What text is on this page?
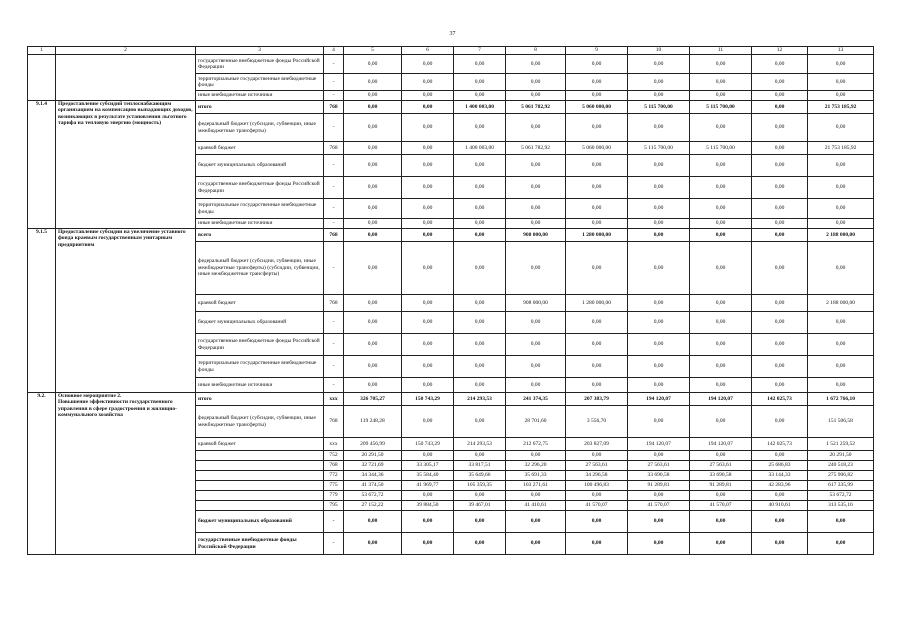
37
1	2	3	4	5	6	7	8	9	10	11	12	13
		государственные внебюджетные фонды Российской Федерации	-	0,00	0,00	0,00	0,00	0,00	0,00	0,00	0,00	0,00
		территориальные государственные внебюджетные фонды	-	0,00	0,00	0,00	0,00	0,00	0,00	0,00	0,00	0,00
		иные внебюджетные источники	-	0,00	0,00	0,00	0,00	0,00	0,00	0,00	0,00	0,00
9.1.4	Предоставление субсидий теплоснабжающим организациям на компенсацию выпадающих доходов, возникающих в результате установления льготного тарифа на тепловую энергию (мощность)	итого	768	0,00	0,00	1 400 003,00	5 061 782,92	5 060 000,00	5 115 700,00	5 115 700,00	0,00	21 753 185,92
		федеральный бюджет (субсидии, субвенции, иные межбюджетные трансферты)	-	0,00	0,00	0,00	0,00	0,00	0,00	0,00	0,00	0,00
		краевой бюджет	768	0,00	0,00	1 400 003,00	5 061 782,92	5 060 000,00	5 115 700,00	5 115 700,00	0,00	21 753 185,92
		бюджет муниципальных образований	-	0,00	0,00	0,00	0,00	0,00	0,00	0,00	0,00	0,00
		государственные внебюджетные фонды Российской Федерации	-	0,00	0,00	0,00	0,00	0,00	0,00	0,00	0,00	0,00
		территориальные государственные внебюджетные фонды	-	0,00	0,00	0,00	0,00	0,00	0,00	0,00	0,00	0,00
		иные внебюджетные источники	-	0,00	0,00	0,00	0,00	0,00	0,00	0,00	0,00	0,00
9.1.5	Предоставление субсидии на увеличение уставного фонда краевым государственным унитарным предприятиям	всего	768	0,00	0,00	0,00	908 000,00	1 280 000,00	0,00	0,00	0,00	2 188 000,00
		федеральный бюджет (субсидии, субвенции, иные межбюджетные трансферты) (субсидии, субвенции, иные межбюджетные трансферты)	-	0,00	0,00	0,00	0,00	0,00	0,00	0,00	0,00	0,00
		краевой бюджет	768	0,00	0,00	0,00	908 000,00	1 280 000,00	0,00	0,00	0,00	2 188 000,00
		бюджет муниципальных образований	-	0,00	0,00	0,00	0,00	0,00	0,00	0,00	0,00	0,00
		государственные внебюджетные фонды Российской Федерации	-	0,00	0,00	0,00	0,00	0,00	0,00	0,00	0,00	0,00
		территориальные государственные внебюджетные фонды	-	0,00	0,00	0,00	0,00	0,00	0,00	0,00	0,00	0,00
		иные внебюджетные источники	-	0,00	0,00	0,00	0,00	0,00	0,00	0,00	0,00	0,00
9.2.	Основное мероприятие 2.
Повышение эффективности государственного управления в сфере градостроения и жилищно-коммунального хозяйства	итого	ххх	326 705,27	150 743,29	214 293,53	241 374,35	207 383,79	194 120,07	194 120,07	142 025,73	1 672 766,10
		федеральный бюджет (субсидии, субвенции, иные межбюджетные трансферты)	768	119 248,28	0,00	0,00	28 701,60	3 556,70	0,00	0,00	0,00	151 506,58
		краевой бюджет	ххх	209 456,99	150 743,29	214 293,53	212 672,75	203 827,09	194 120,07	194 120,07	142 025,73	1 521 259,52
			752	20 291,50	0,00	0,00	0,00	0,00	0,00	0,00	0,00	20 291,50
			768	32 721,69	33 305,17	33 817,51	32 296,20	27 563,61	27 563,61	27 563,61	25 686,83	240 518,23
			772	34 344,36	35 584,40	35 649,66	35 691,33	34 296,58	33 690,58	33 690,58	33 144,33	275 906,82
			775	41 374,50	41 969,77	105 359,35	103 271,61	100 496,83	91 289,81	91 289,81	42 283,96	617 335,99
			779	53 672,72	0,00	0,00	0,00	0,00	0,00	0,00	0,00	53 672,72
			795	27 152,22	39 884,50	39 467,01	41 410,61	41 570,07	41 570,07	41 570,07	40 910,61	313 535,16
		бюджет муниципальных образований	-	0,00	0,00	0,00	0,00	0,00	0,00	0,00	0,00	0,00
		государственные внебюджетные фонды Российской Федерации	-	0,00	0,00	0,00	0,00	0,00	0,00	0,00	0,00	0,00
